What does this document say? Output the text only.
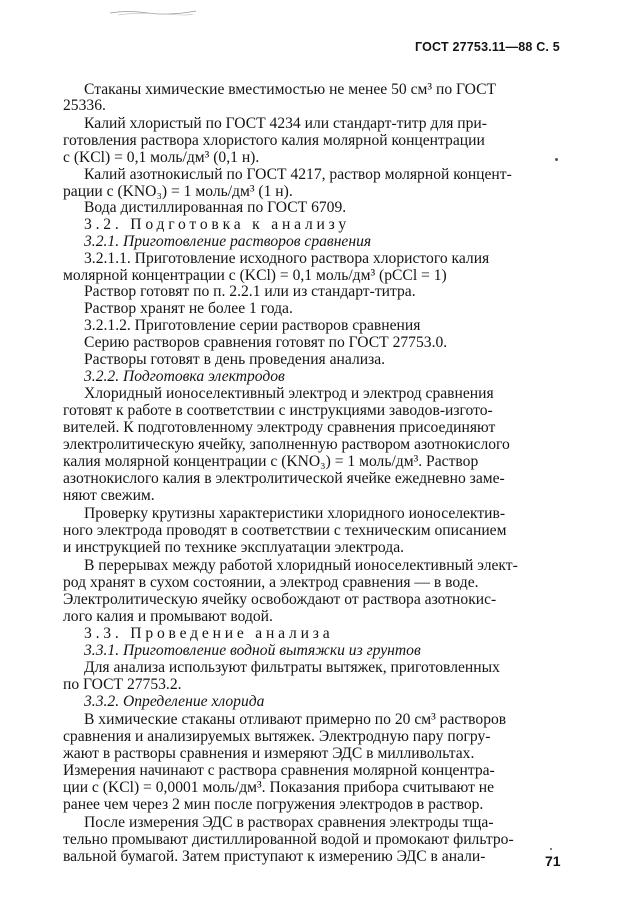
ГОСТ 27753.11—88 С. 5
Стаканы химические вместимостью не менее 50 см³ по ГОСТ
25336.
Калий хлористый по ГОСТ 4234 или стандарт-титр для при-
готовления раствора хлористого калия молярной концентрации
с (KCl) = 0,1 моль/дм³ (0,1 н).
Калий азотнокислый по ГОСТ 4217, раствор молярной концент-
рации с (KNO₃) = 1 моль/дм³ (1 н).
Вода дистиллированная по ГОСТ 6709.
3.2. Подготовка к анализу
3.2.1. Приготовление растворов сравнения
3.2.1.1. Приготовление исходного раствора хлористого калия
молярной концентрации с (KCl) = 0,1 моль/дм³ (pCCl = 1)
Раствор готовят по п. 2.2.1 или из стандарт-титра.
Раствор хранят не более 1 года.
3.2.1.2. Приготовление серии растворов сравнения
Серию растворов сравнения готовят по ГОСТ 27753.0.
Растворы готовят в день проведения анализа.
3.2.2. Подготовка электродов
Хлоридный ионоселективный электрод и электрод сравнения
готовят к работе в соответствии с инструкциями заводов-изгото-
вителей. К подготовленному электроду сравнения присоединяют
электролитическую ячейку, заполненную раствором азотнокислого
калия молярной концентрации с (KNO₃) = 1 моль/дм³. Раствор
азотнокислого калия в электролитической ячейке ежедневно заме-
няют свежим.
Проверку крутизны характеристики хлоридного ионоселектив-
ного электрода проводят в соответствии с техническим описанием
и инструкцией по технике эксплуатации электрода.
В перерывах между работой хлоридный ионоселективный элект-
род хранят в сухом состоянии, а электрод сравнения — в воде.
Электролитическую ячейку освобождают от раствора азотнокис-
лого калия и промывают водой.
3.3. Проведение анализа
3.3.1. Приготовление водной вытяжки из грунтов
Для анализа используют фильтраты вытяжек, приготовленных
по ГОСТ 27753.2.
3.3.2. Определение хлорида
В химические стаканы отливают примерно по 20 см³ растворов
сравнения и анализируемых вытяжек. Электродную пару погру-
жают в растворы сравнения и измеряют ЭДС в милливольтах.
Измерения начинают с раствора сравнения молярной концентра-
ции с (KCl) = 0,0001 моль/дм³. Показания прибора считывают не
ранее чем через 2 мин после погружения электродов в раствор.
После измерения ЭДС в растворах сравнения электроды тща-
тельно промывают дистиллированной водой и промокают фильтро-
вальной бумагой. Затем приступают к измерению ЭДС в анали-	71
